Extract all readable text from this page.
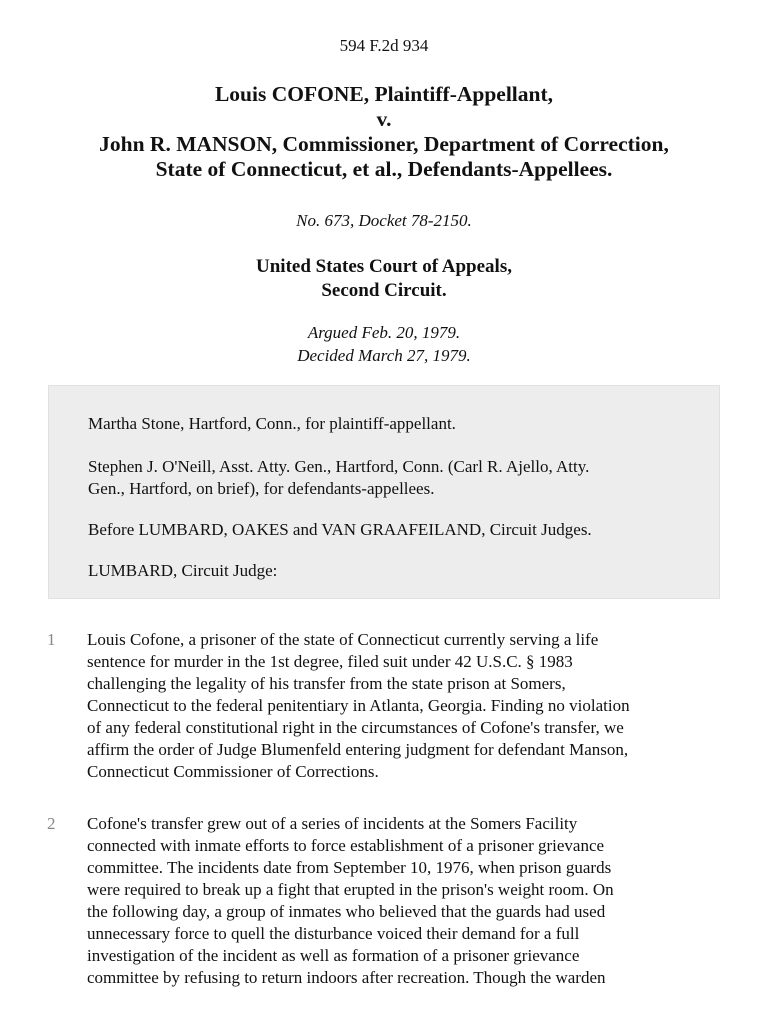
594 F.2d 934
Louis COFONE, Plaintiff-Appellant,
v.
John R. MANSON, Commissioner, Department of Correction,
State of Connecticut, et al., Defendants-Appellees.
No. 673, Docket 78-2150.
United States Court of Appeals,
Second Circuit.
Argued Feb. 20, 1979.
Decided March 27, 1979.

Martha Stone, Hartford, Conn., for plaintiff-appellant.

Stephen J. O'Neill, Asst. Atty. Gen., Hartford, Conn. (Carl R. Ajello, Atty.
Gen., Hartford, on brief), for defendants-appellees.

Before LUMBARD, OAKES and VAN GRAAFEILAND, Circuit Judges.

LUMBARD, Circuit Judge:

1 Louis Cofone, a prisoner of the state of Connecticut currently serving a life
sentence for murder in the 1st degree, filed suit under 42 U.S.C. § 1983
challenging the legality of his transfer from the state prison at Somers,
Connecticut to the federal penitentiary in Atlanta, Georgia. Finding no violation
of any federal constitutional right in the circumstances of Cofone's transfer, we
affirm the order of Judge Blumenfeld entering judgment for defendant Manson,
Connecticut Commissioner of Corrections.

2 Cofone's transfer grew out of a series of incidents at the Somers Facility
connected with inmate efforts to force establishment of a prisoner grievance
committee. The incidents date from September 10, 1976, when prison guards
were required to break up a fight that erupted in the prison's weight room. On
the following day, a group of inmates who believed that the guards had used
unnecessary force to quell the disturbance voiced their demand for a full
investigation of the incident as well as formation of a prisoner grievance
committee by refusing to return indoors after recreation. Though the warden
